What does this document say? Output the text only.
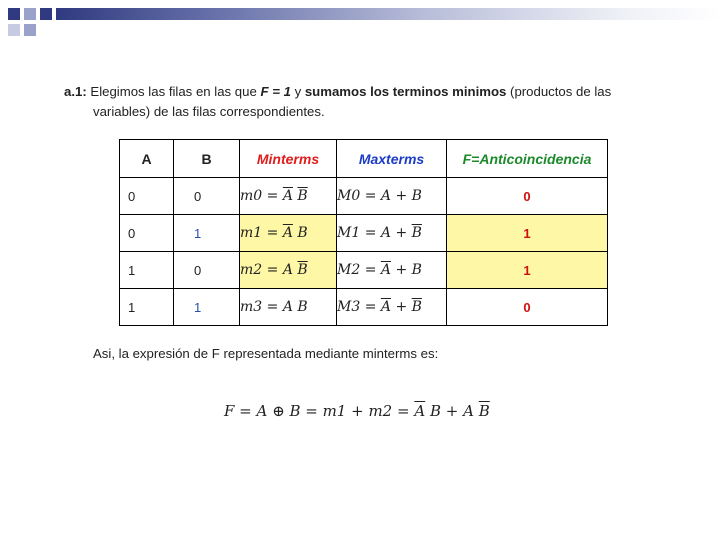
a.1: Elegimos las filas en las que F = 1 y sumamos los terminos minimos (productos de las
variables) de las filas correspondientes.
A	B	Minterms	Maxterms	F=Anticoincidencia
0	0	$m0 = \overline{A}$ $\overline{B}$	M0 = A + B	0
0	1	$m1 = \overline{A}$ B	$M1 = A + \overline{B}$	1
1	0	m2 = A $\overline{B}$	$M2 = \overline{A} + B$	1
1	1	m3 = A B	$M3 = \overline{A} + \overline{B}$	0
Asi, la expresión de F representada mediante minterms es:
F = A ⊕ $B = m1 + m2 = \overline{A}$ B + A $\overline{B}$
